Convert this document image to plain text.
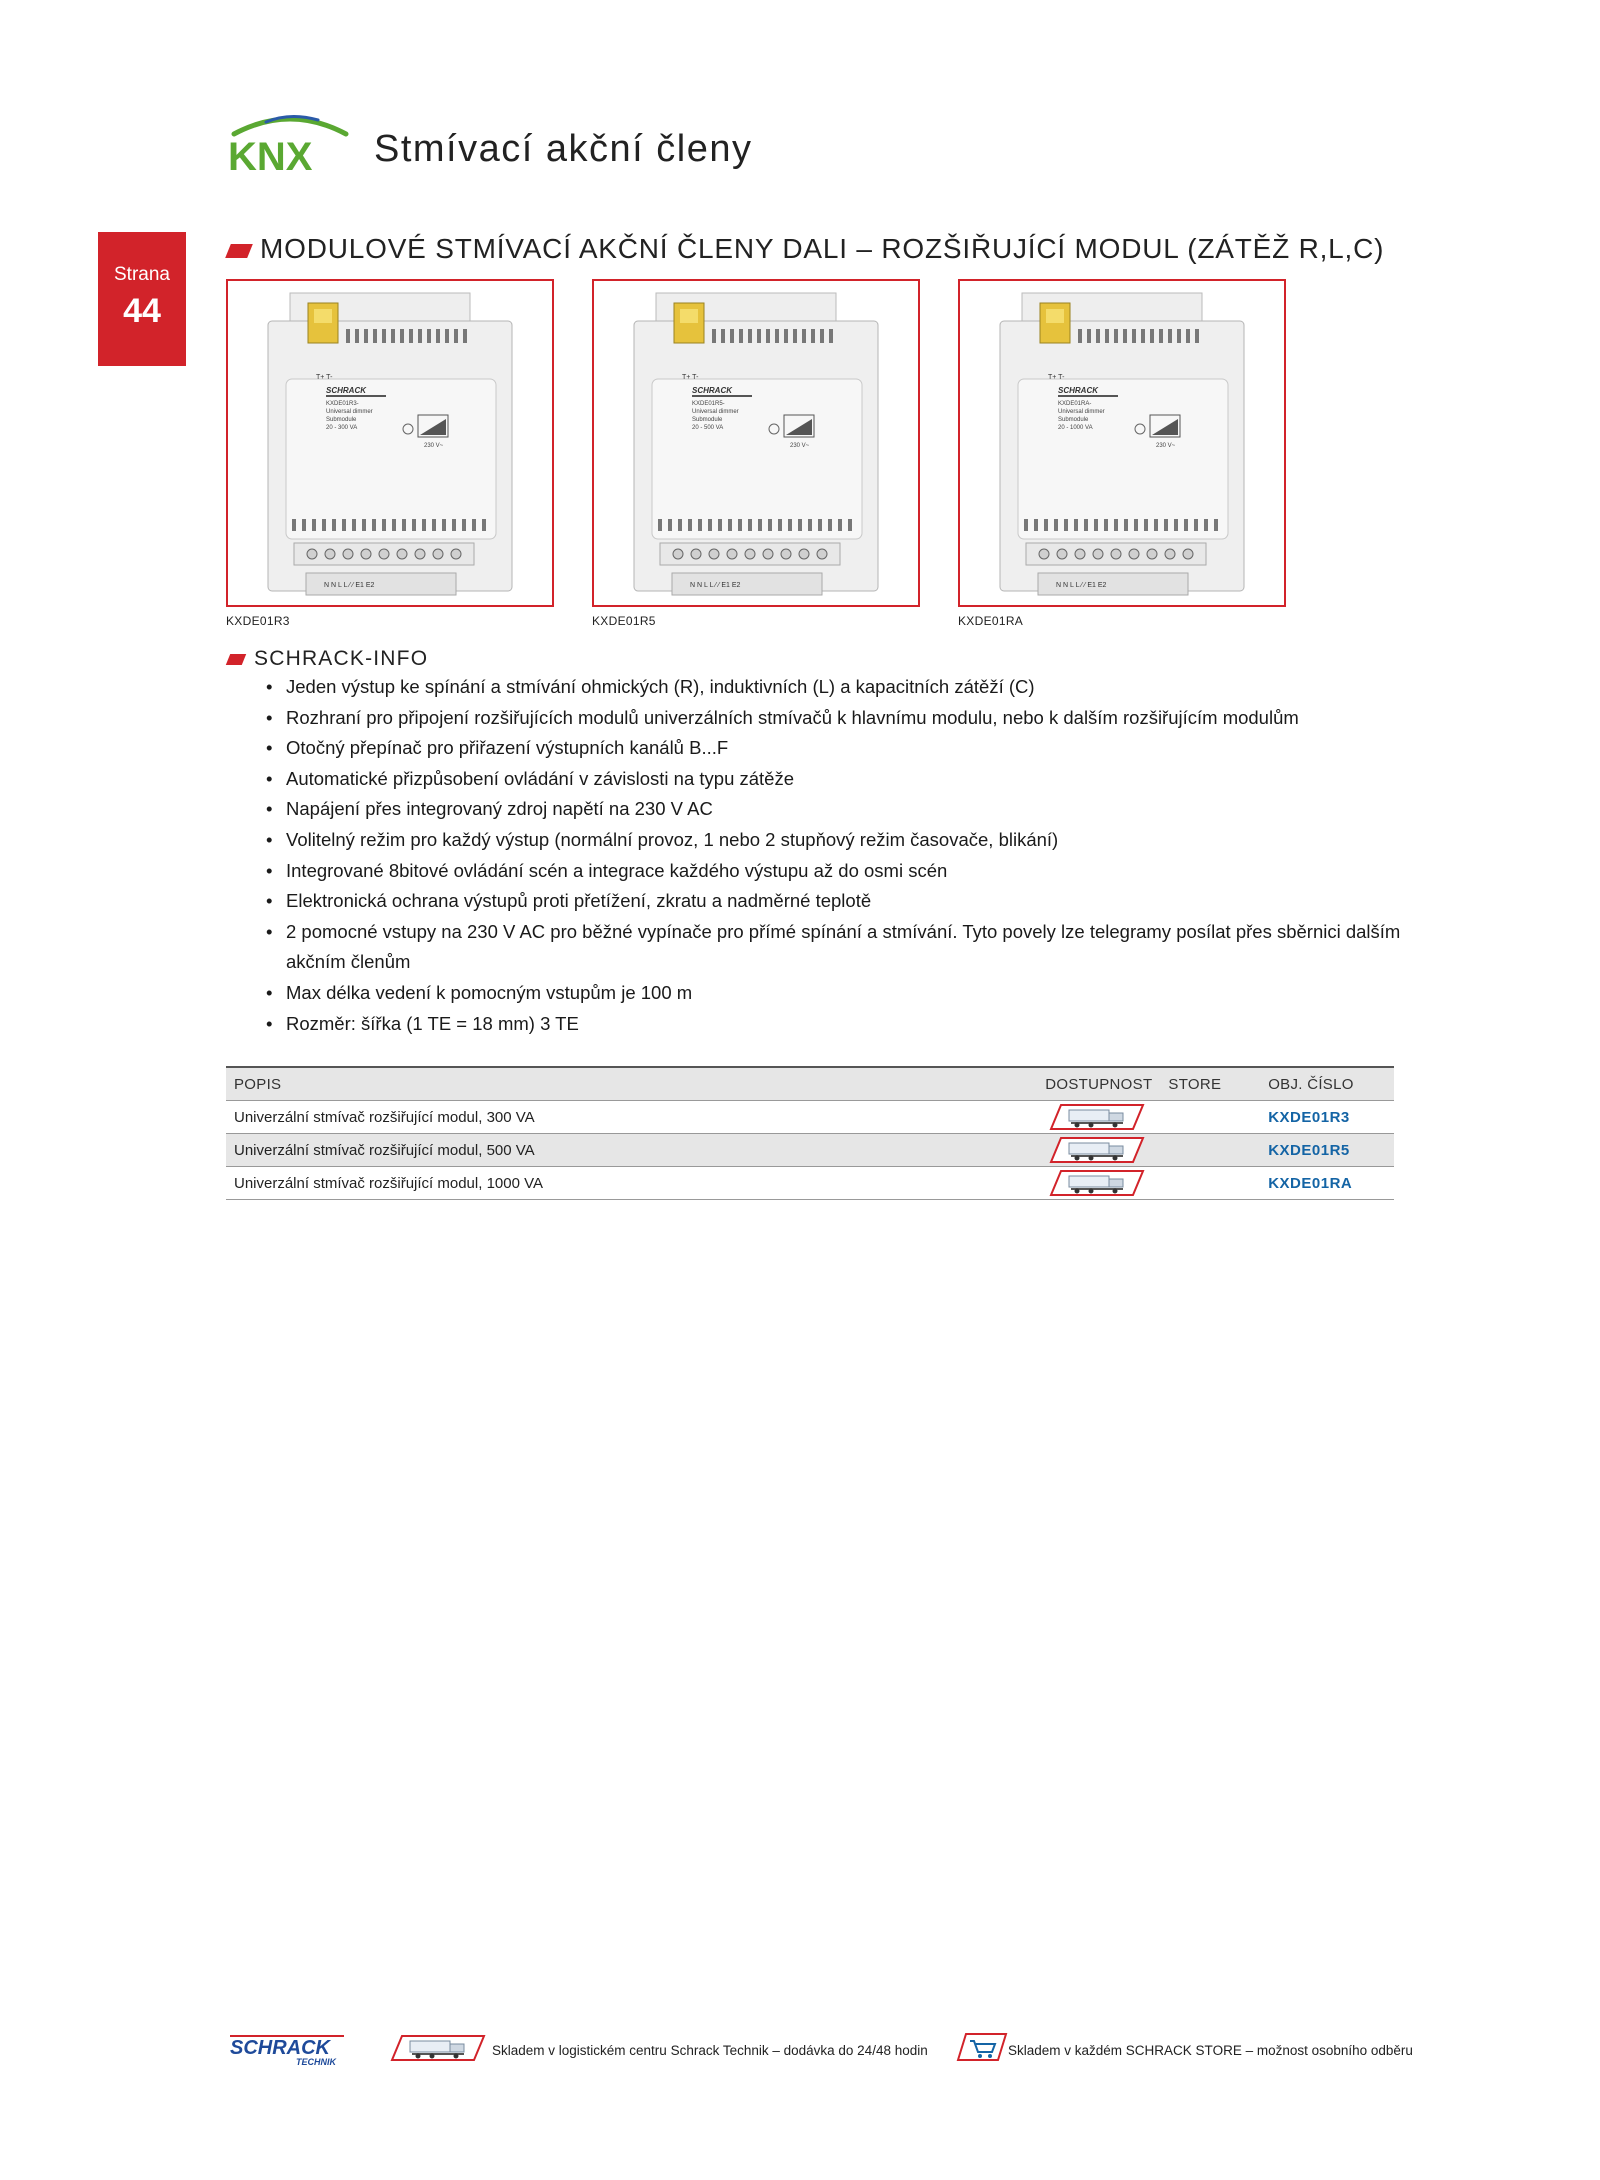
KNX Stmívací akční členy
Strana
44
MODULOVÉ STMÍVACÍ AKČNÍ ČLENY DALI – ROZŠIŘUJÍCÍ MODUL (ZÁTĚŽ R,L,C)
SCHRACK
KXDE01R3-
Universal dimmer
Submodule
20 - 300 VA
230 V~
T+ T-
N N L L ⁄ ⁄ E1 E2
KXDE01R3
SCHRACK
KXDE01R5-
Universal dimmer
Submodule
20 - 500 VA
230 V~
T+ T-
N N L L ⁄ ⁄ E1 E2
KXDE01R5
SCHRACK
KXDE01RA-
Universal dimmer
Submodule
20 - 1000 VA
230 V~
T+ T-
N N L L ⁄ ⁄ E1 E2
KXDE01RA
SCHRACK-INFO
• Jeden výstup ke spínání a stmívání ohmických (R), induktivních (L) a kapacitních zátěží (C)
• Rozhraní pro připojení rozšiřujících modulů univerzálních stmívačů k hlavnímu modulu, nebo k dalším rozšiřujícím modulům
• Otočný přepínač pro přiřazení výstupních kanálů B...F
• Automatické přizpůsobení ovládání v závislosti na typu zátěže
• Napájení přes integrovaný zdroj napětí na 230 V AC
• Volitelný režim pro každý výstup (normální provoz, 1 nebo 2 stupňový režim časovače, blikání)
• Integrované 8bitové ovládání scén a integrace každého výstupu až do osmi scén
• Elektronická ochrana výstupů proti přetížení, zkratu a nadměrné teplotě
• 2 pomocné vstupy na 230 V AC pro běžné vypínače pro přímé spínání a stmívání. Tyto povely lze telegramy posílat přes sběrnici dalším akčním členům
• Max délka vedení k pomocným vstupům je 100 m
• Rozměr: šířka (1 TE = 18 mm) 3 TE
POPIS	DOSTUPNOST	STORE	OBJ. ČÍSLO
Univerzální stmívač rozšiřující modul, 300 VA			KXDE01R3
Univerzální stmívač rozšiřující modul, 500 VA			KXDE01R5
Univerzální stmívač rozšiřující modul, 1000 VA			KXDE01RA
SCHRACK
TECHNIK
Skladem v logistickém centru Schrack Technik – dodávka do 24/48 hodin	Skladem v každém SCHRACK STORE – možnost osobního odběru
